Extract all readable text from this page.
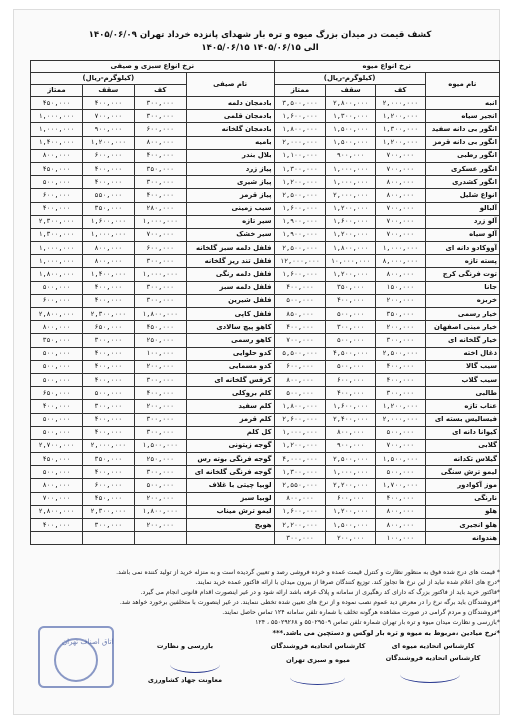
کشف قیمت در میدان بزرگ میوه و تره بار شهدای پانزده خرداد تهران ۱۴۰۵/۰۶/۰۹
۱۴۰۵/۰۶/۱۵ الی ۱۴۰۵/۰۶/۱۵
نرخ انواع میوه				نرخ انواع سبزی و صیفی			
نام میوه	(کیلوگرم-ریال)			نام صیفی	(کیلوگرم-ریال)		
	کف	سقف	ممتاز		کف	سقف	ممتاز
انبه	۲,۰۰۰,۰۰۰	۲,۸۰۰,۰۰۰	۳,۵۰۰,۰۰۰	بادمجان دلمه	۳۰۰,۰۰۰	۴۰۰,۰۰۰	۴۵۰,۰۰۰
انجیر سیاه	۱,۲۰۰,۰۰۰	۱,۳۰۰,۰۰۰	۱,۶۰۰,۰۰۰	بادمجان قلمی	۳۰۰,۰۰۰	۷۰۰,۰۰۰	۱,۰۰۰,۰۰۰
انگور بی دانه سفید	۱,۳۰۰,۰۰۰	۱,۵۰۰,۰۰۰	۱,۸۰۰,۰۰۰	بادمجان گلخانه	۶۰۰,۰۰۰	۹۰۰,۰۰۰	۱,۰۰۰,۰۰۰
انگور بی دانه قرمز	۱,۲۰۰,۰۰۰	۱,۵۰۰,۰۰۰	۲,۰۰۰,۰۰۰	بامیه	۸۰۰,۰۰۰	۱,۲۰۰,۰۰۰	۱,۴۰۰,۰۰۰
انگور رطبی	۷۰۰,۰۰۰	۹۰۰,۰۰۰	۱,۱۰۰,۰۰۰	بلال بندر	۴۰۰,۰۰۰	۶۰۰,۰۰۰	۸۰۰,۰۰۰
انگور عسکری	۷۰۰,۰۰۰	۱,۰۰۰,۰۰۰	۱,۳۰۰,۰۰۰	پیاز زرد	۳۵۰,۰۰۰	۴۰۰,۰۰۰	۴۵۰,۰۰۰
انگور کشدری	۸۰۰,۰۰۰	۱,۰۰۰,۰۰۰	۱,۲۰۰,۰۰۰	پیاز شیری	۳۰۰,۰۰۰	۴۰۰,۰۰۰	۵۰۰,۰۰۰
انواع شلیل	۸۰۰,۰۰۰	۲,۰۰۰,۰۰۰	۲,۵۰۰,۰۰۰	پیاز قرمز	۴۰۰,۰۰۰	۵۵۰,۰۰۰	۶۰۰,۰۰۰
آلبالو	۷۰۰,۰۰۰	۱,۲۰۰,۰۰۰	۱,۶۰۰,۰۰۰	سیب زمینی	۲۸۰,۰۰۰	۳۵۰,۰۰۰	۴۰۰,۰۰۰
آلو زرد	۷۰۰,۰۰۰	۱,۶۰۰,۰۰۰	۱,۹۰۰,۰۰۰	سیر تازه	۱,۰۰۰,۰۰۰	۱,۶۰۰,۰۰۰	۲,۳۰۰,۰۰۰
آلو سیاه	۷۰۰,۰۰۰	۱,۲۰۰,۰۰۰	۱,۹۰۰,۰۰۰	سیر خشک	۷۰۰,۰۰۰	۱,۰۰۰,۰۰۰	۱,۳۰۰,۰۰۰
آووکادو دانه ای	۱,۰۰۰,۰۰۰	۱,۸۰۰,۰۰۰	۲,۵۰۰,۰۰۰	فلفل دلمه سبز گلخانه	۶۰۰,۰۰۰	۸۰۰,۰۰۰	۱,۰۰۰,۰۰۰
پسته تازه	۸,۰۰۰,۰۰۰	۱۰,۰۰۰,۰۰۰	۱۲,۰۰۰,۰۰۰	فلفل تند ریز گلخانه	۳۰۰,۰۰۰	۸۰۰,۰۰۰	۱,۰۰۰,۰۰۰
توت فرنگی کرج	۸۰۰,۰۰۰	۱,۲۰۰,۰۰۰	۱,۶۰۰,۰۰۰	فلفل دلمه رنگی	۱,۰۰۰,۰۰۰	۱,۴۰۰,۰۰۰	۱,۸۰۰,۰۰۰
جانا	۱۵۰,۰۰۰	۳۵۰,۰۰۰	۴۰۰,۰۰۰	فلفل دلمه سبز	۳۰۰,۰۰۰	۴۰۰,۰۰۰	۵۰۰,۰۰۰
خربزه	۲۰۰,۰۰۰	۴۰۰,۰۰۰	۵۰۰,۰۰۰	فلفل شیرین	۳۰۰,۰۰۰	۴۰۰,۰۰۰	۶۰۰,۰۰۰
خیار رسمی	۳۵۰,۰۰۰	۵۰۰,۰۰۰	۸۵۰,۰۰۰	فلفل کاپی	۱,۸۰۰,۰۰۰	۲,۳۰۰,۰۰۰	۲,۸۰۰,۰۰۰
خیار مینی اصفهان	۲۰۰,۰۰۰	۳۰۰,۰۰۰	۴۰۰,۰۰۰	کاهو پیچ سالادی	۴۵۰,۰۰۰	۶۵۰,۰۰۰	۸۰۰,۰۰۰
خیار گلخانه ای	۳۰۰,۰۰۰	۵۰۰,۰۰۰	۷۰۰,۰۰۰	کاهو رسمی	۲۵۰,۰۰۰	۳۰۰,۰۰۰	۳۵۰,۰۰۰
ذغال اخته	۲,۵۰۰,۰۰۰	۴,۵۰۰,۰۰۰	۵,۵۰۰,۰۰۰	کدو حلوایی	۱۰۰,۰۰۰	۴۰۰,۰۰۰	۵۰۰,۰۰۰
سیب گالا	۴۰۰,۰۰۰	۵۰۰,۰۰۰	۶۰۰,۰۰۰	کدو مسمایی	۲۰۰,۰۰۰	۴۰۰,۰۰۰	۵۰۰,۰۰۰
سیب گلاب	۴۰۰,۰۰۰	۶۰۰,۰۰۰	۸۰۰,۰۰۰	کرفس گلخانه ای	۳۰۰,۰۰۰	۴۰۰,۰۰۰	۵۰۰,۰۰۰
طالبی	۳۰۰,۰۰۰	۴۰۰,۰۰۰	۵۰۰,۰۰۰	کلم بروکلی	۴۰۰,۰۰۰	۵۰۰,۰۰۰	۶۵۰,۰۰۰
عناب تازه	۱,۲۰۰,۰۰۰	۱,۶۰۰,۰۰۰	۱,۸۰۰,۰۰۰	کلم سفید	۲۰۰,۰۰۰	۳۰۰,۰۰۰	۴۰۰,۰۰۰
فیسالیس بسته ای	۲,۰۰۰,۰۰۰	۲,۴۰۰,۰۰۰	۲,۶۰۰,۰۰۰	کلم قرمز	۳۰۰,۰۰۰	۴۰۰,۰۰۰	۵۰۰,۰۰۰
کیوانا دانه ای	۵۰۰,۰۰۰	۸۰۰,۰۰۰	۱,۰۰۰,۰۰۰	کل کلم	۳۰۰,۰۰۰	۴۰۰,۰۰۰	۵۰۰,۰۰۰
گلابی	۷۰۰,۰۰۰	۹۰۰,۰۰۰	۱,۲۰۰,۰۰۰	گوجه زیتونی	۱,۵۰۰,۰۰۰	۲,۰۰۰,۰۰۰	۲,۷۰۰,۰۰۰
گیلاس تکدانه	۱,۵۰۰,۰۰۰	۲,۵۰۰,۰۰۰	۴,۰۰۰,۰۰۰	گوجه فرنگی بوته رس	۲۵۰,۰۰۰	۳۵۰,۰۰۰	۴۵۰,۰۰۰
لیمو ترش سنگی	۵۰۰,۰۰۰	۱,۰۰۰,۰۰۰	۱,۳۰۰,۰۰۰	گوجه فرنگی گلخانه ای	۳۰۰,۰۰۰	۴۰۰,۰۰۰	۵۰۰,۰۰۰
موز آکوادور	۱,۷۰۰,۰۰۰	۲,۲۰۰,۰۰۰	۲,۵۵۰,۰۰۰	لوبیا چیتی با غلاف	۵۰۰,۰۰۰	۶۰۰,۰۰۰	۸۰۰,۰۰۰
نارنگی	۴۰۰,۰۰۰	۶۰۰,۰۰۰	۸۰۰,۰۰۰	لوبیا سبز	۲۰۰,۰۰۰	۴۵۰,۰۰۰	۷۰۰,۰۰۰
هلو	۸۰۰,۰۰۰	۱,۲۰۰,۰۰۰	۱,۶۰۰,۰۰۰	لیمو ترش میناب	۱,۸۰۰,۰۰۰	۲,۳۰۰,۰۰۰	۲,۸۰۰,۰۰۰
هلو انجیری	۸۰۰,۰۰۰	۱,۵۰۰,۰۰۰	۲,۲۰۰,۰۰۰	هویج	۲۰۰,۰۰۰	۳۰۰,۰۰۰	۴۰۰,۰۰۰
هندوانه	۱۰۰,۰۰۰	۲۰۰,۰۰۰	۳۰۰,۰۰۰				
* قیمت های درج شده فوق به منظور نظارت و کنترل قیمت عمده و خرده فروشی رصد و تعیین گردیده است و به منزله خرید از تولید کننده نمی باشد.
*درج های اعلام شده نباید از این نرخ ها تجاوز کند. توزیع کنندگان صرفا از بیرون میدان با ارائه فاکتور عمده خرید نمایند.
*فاکتور خرید باید از فاکتور بزرگ که دارای کد رهگیری از سامانه و پلاک غرفه باشد ارائه شود و در غیر اینصورت اقدام قانونی انجام می گیرد.
*فروشندگان باید برگه نرخ را در معرض دید عموم نصب نموده و از نرخ های تعیین شده تخطی ننمایند. در غیر اینصورت با متخلفین برخورد خواهد شد.
*فروشندگان و مردم گرامی در صورت مشاهده هرگونه تخلف با شماره تلفن سامانه ۱۲۴ تماس حاصل نمایند.
*بازرسی و نظارت میدان میوه و تره بار تهران شماره تلفن تماس ۵۵۰۲۹۵۰۹ و ۵۵۰۲۹۲۶۸ ، ۱۲۴
*نرخ میادین ،مربوط به میوه و تره بار لوکس و دستچین می باشد.***
کارشناس اتحادیه میوه ای
کارشناس اتحادیه فروشندگان
کارشناس اتحادیه فروشندگان
میوه و سبزی تهران
بازرسی و نظارت
معاونت جهاد کشاورزی
اتاق اصناف تهران
